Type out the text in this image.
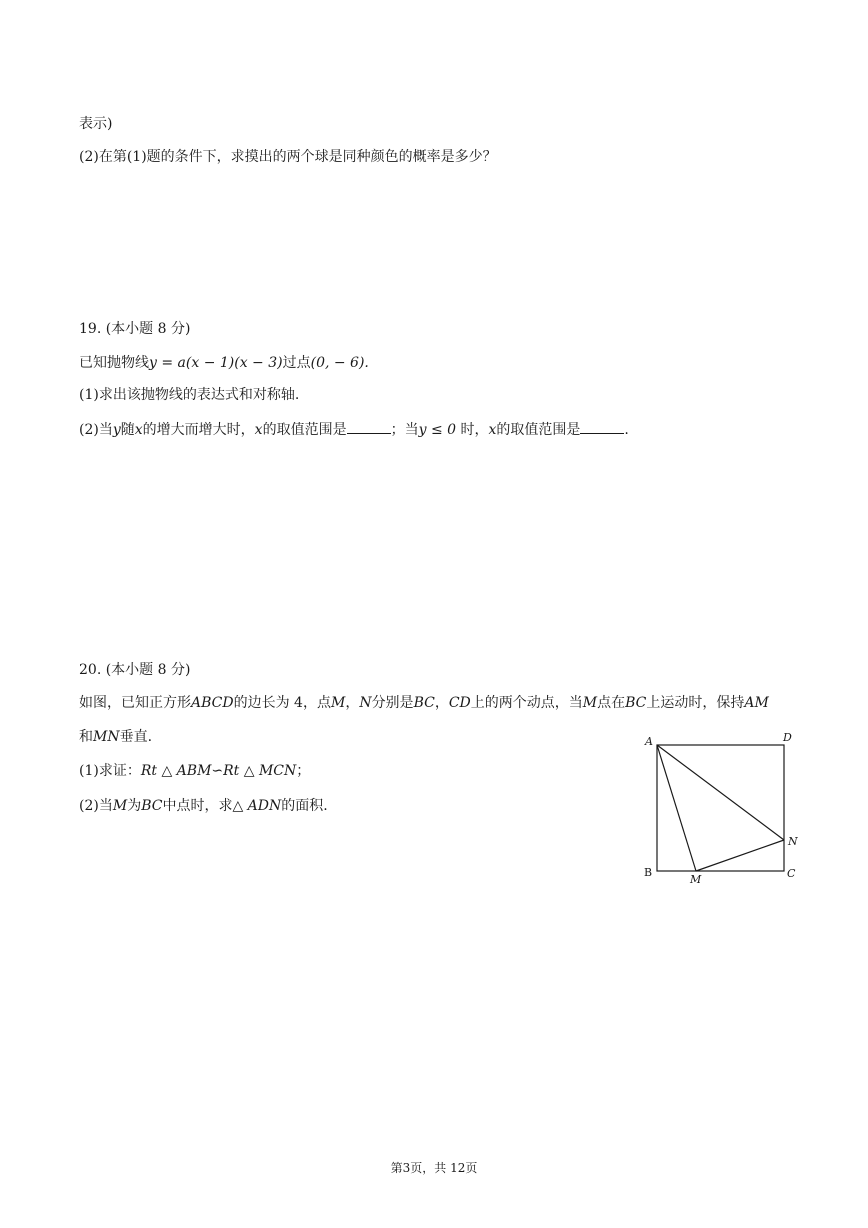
表示)
(2)在第(1)题的条件下，求摸出的两个球是同种颜色的概率是多少？
19. (本小题 8 分)
已知抛物线y = a(x − 1)(x − 3)过点(0, − 6).
(1)求出该抛物线的表达式和对称轴.
(2)当y随x的增大而增大时，x的取值范围是	；当y ≤ 0 时，x的取值范围是	.
20. (本小题 8 分)
如图，已知正方形ABCD的边长为 4，点M，N分别是BC，CD上的两个动点，当M点在BC上运动时，保持AM
和MN垂直.
(1)求证：Rt △ ABM∽Rt △ MCN；
(2)当M为BC中点时，求△ ADN的面积.
A	D
B
M	C
N
第3页，共 12页
